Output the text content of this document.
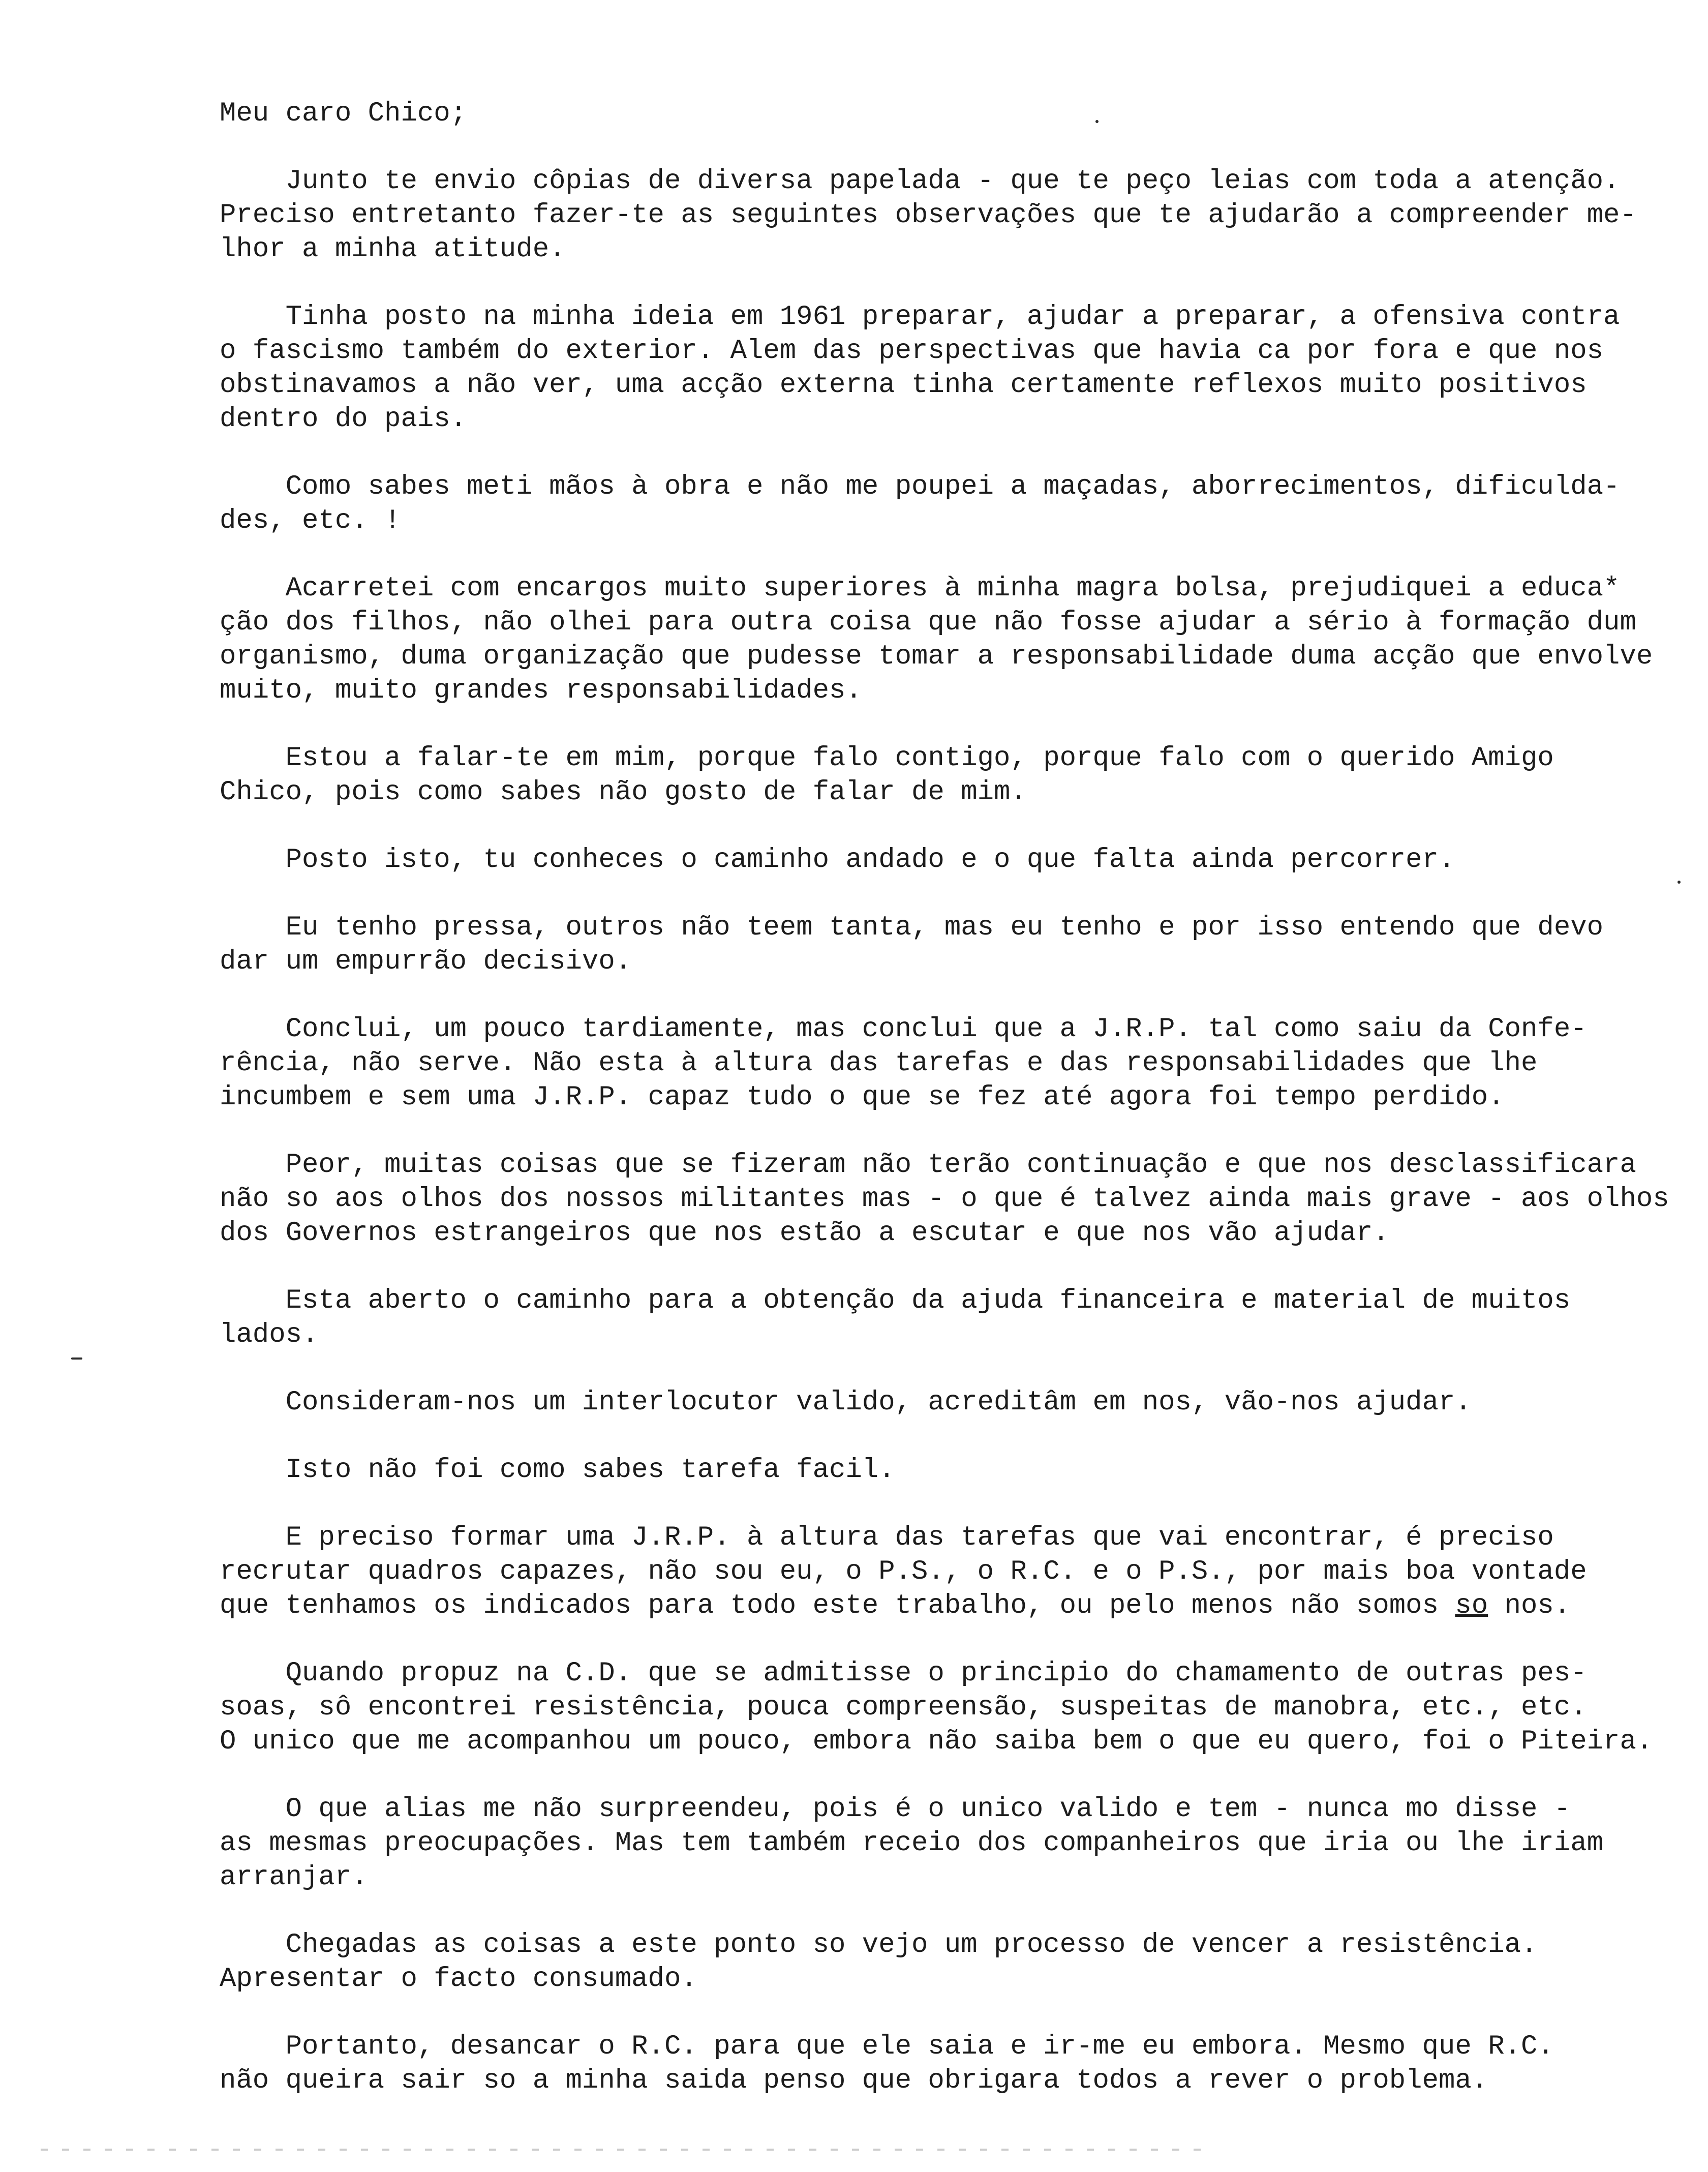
Meu caro Chico;
Junto te envio côpias de diversa papelada - que te peço leias com toda a atenção.
Preciso entretanto fazer-te as seguintes observações que te ajudarão a compreender me-
lhor a minha atitude.
Tinha posto na minha ideia em 1961 preparar, ajudar a preparar, a ofensiva contra
o fascismo também do exterior. Alem das perspectivas que havia ca por fora e que nos
obstinavamos a não ver, uma acção externa tinha certamente reflexos muito positivos
dentro do pais.
Como sabes meti mãos à obra e não me poupei a maçadas, aborrecimentos, dificulda-
des, etc. !
Acarretei com encargos muito superiores à minha magra bolsa, prejudiquei a educa*
ção dos filhos, não olhei para outra coisa que não fosse ajudar a sério à formação dum
organismo, duma organização que pudesse tomar a responsabilidade duma acção que envolve
muito, muito grandes responsabilidades.
Estou a falar-te em mim, porque falo contigo, porque falo com o querido Amigo
Chico, pois como sabes não gosto de falar de mim.
Posto isto, tu conheces o caminho andado e o que falta ainda percorrer.
Eu tenho pressa, outros não teem tanta, mas eu tenho e por isso entendo que devo
dar um empurrão decisivo.
Conclui, um pouco tardiamente, mas conclui que a J.R.P. tal como saiu da Confe-
rência, não serve. Não esta à altura das tarefas e das responsabilidades que lhe
incumbem e sem uma J.R.P. capaz tudo o que se fez até agora foi tempo perdido.
Peor, muitas coisas que se fizeram não terão continuação e que nos desclassificara
não so aos olhos dos nossos militantes mas - o que é talvez ainda mais grave - aos olhos
dos Governos estrangeiros que nos estão a escutar e que nos vão ajudar.
Esta aberto o caminho para a obtenção da ajuda financeira e material de muitos
lados.
Consideram-nos um interlocutor valido, acreditâm em nos, vão-nos ajudar.
Isto não foi como sabes tarefa facil.
E preciso formar uma J.R.P. à altura das tarefas que vai encontrar, é preciso
recrutar quadros capazes, não sou eu, o P.S., o R.C. e o P.S., por mais boa vontade
que tenhamos os indicados para todo este trabalho, ou pelo menos não somos so nos.
Quando propuz na C.D. que se admitisse o principio do chamamento de outras pes-
soas, sô encontrei resistência, pouca compreensão, suspeitas de manobra, etc., etc.
O unico que me acompanhou um pouco, embora não saiba bem o que eu quero, foi o Piteira.
O que alias me não surpreendeu, pois é o unico valido e tem - nunca mo disse -
as mesmas preocupações. Mas tem também receio dos companheiros que iria ou lhe iriam
arranjar.
Chegadas as coisas a este ponto so vejo um processo de vencer a resistência.
Apresentar o facto consumado.
Portanto, desancar o R.C. para que ele saia e ir-me eu embora. Mesmo que R.C.
não queira sair so a minha saida penso que obrigara todos a rever o problema.
